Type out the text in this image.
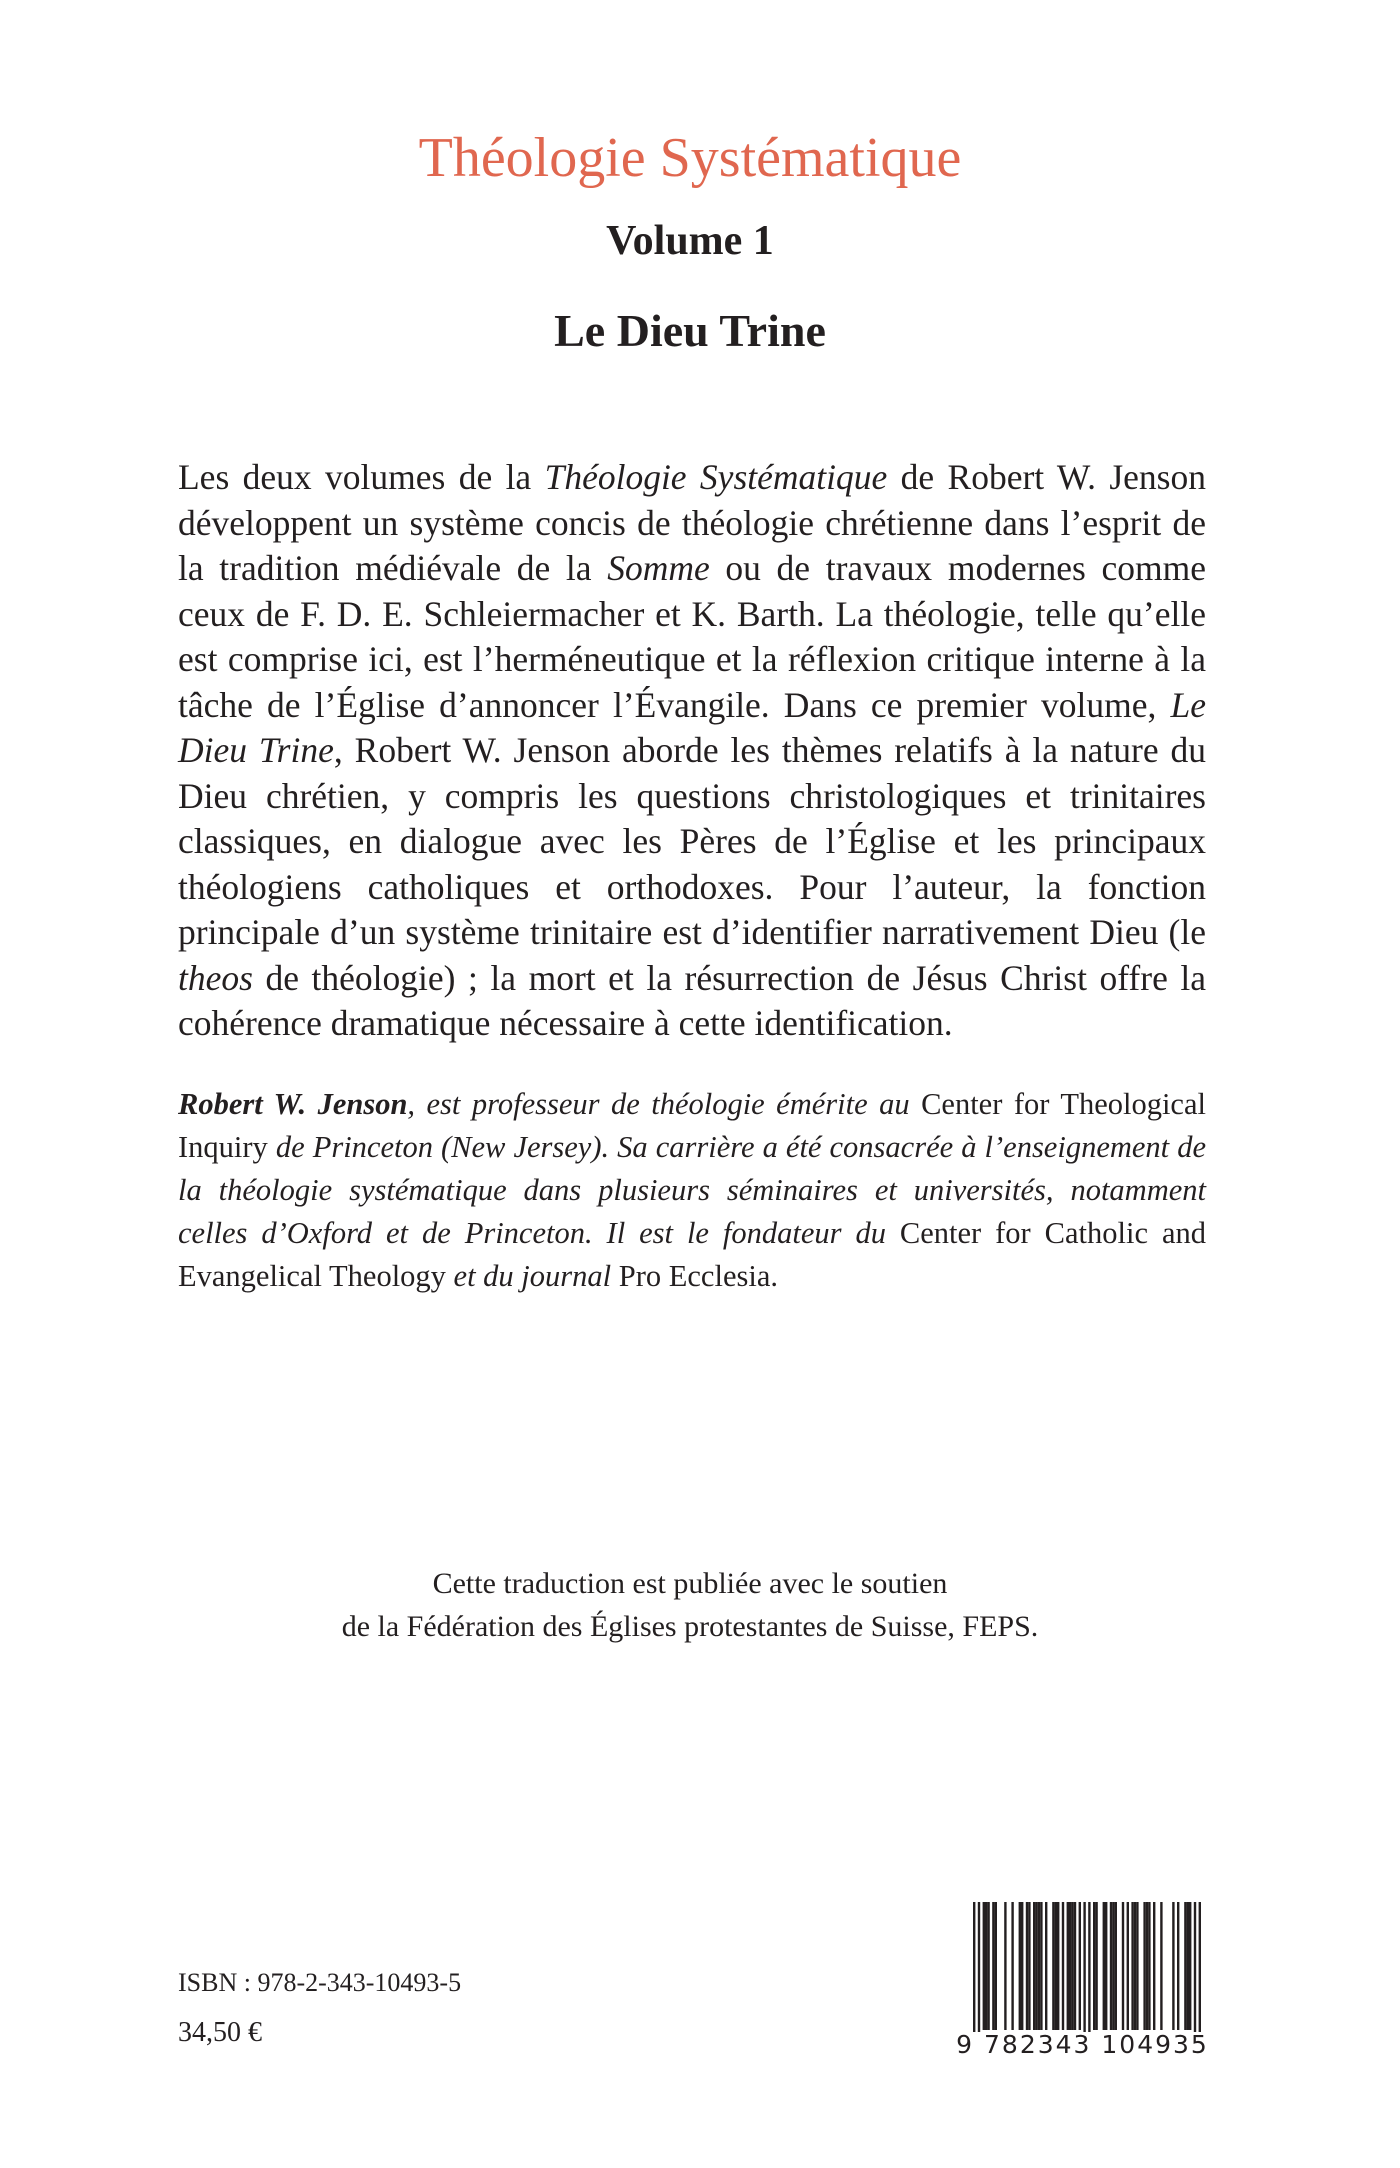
Théologie Systématique
Volume 1
Le Dieu Trine

Les deux volumes de la Théologie Systématique de Robert W. Jenson développent un système concis de théologie chrétienne dans l’esprit de la tradition médiévale de la Somme ou de travaux modernes comme ceux de F. D. E. Schleiermacher et K. Barth. La théologie, telle qu’elle est comprise ici, est l’herméneutique et la réflexion critique interne à la tâche de l’Église d’annoncer l’Évangile. Dans ce premier volume, Le Dieu Trine, Robert W. Jenson aborde les thèmes relatifs à la nature du Dieu chrétien, y compris les questions christologiques et trinitaires classiques, en dialogue avec les Pères de l’Église et les principaux théologiens catholiques et orthodoxes. Pour l’auteur, la fonction principale d’un système trinitaire est d’identifier narrativement Dieu (le theos de théologie) ; la mort et la résurrection de Jésus Christ offre la cohérence dramatique nécessaire à cette identification.

Robert W. Jenson, est professeur de théologie émérite au Center for Theological Inquiry de Princeton (New Jersey). Sa carrière a été consacrée à l’enseignement de la théologie systématique dans plusieurs séminaires et universités, notamment celles d’Oxford et de Princeton. Il est le fondateur du Center for Catholic and Evangelical Theology et du journal Pro Ecclesia.

Cette traduction est publiée avec le soutien
de la Fédération des Églises protestantes de Suisse, FEPS.

ISBN : 978-2-343-10493-5

34,50 €	9 782343 104935
